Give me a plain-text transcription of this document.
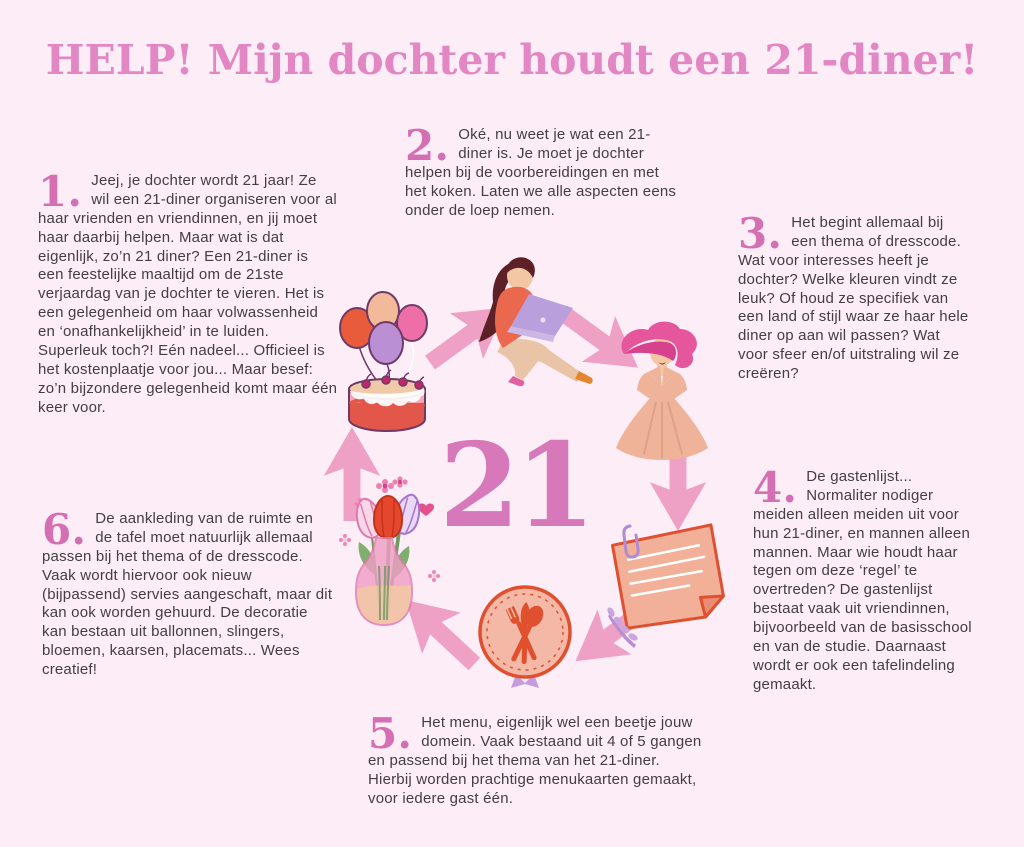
HELP! Mijn dochter houdt een 21-diner!
1. Jeej, je dochter wordt 21 jaar! Ze wil een 21-diner organiseren voor al haar vrienden en vriendinnen, en jij moet haar daarbij helpen. Maar wat is dat eigenlijk, zo’n 21 diner? Een 21-diner is een feestelijke maaltijd om de 21ste verjaardag van je dochter te vieren. Het is een gelegenheid om haar volwassenheid en ‘onafhankelijkheid’ in te luiden. Superleuk toch?! Eén nadeel... Officieel is het kostenplaatje voor jou... Maar besef: zo’n bijzondere gelegenheid komt maar één keer voor.
2. Oké, nu weet je wat een 21-diner is. Je moet je dochter helpen bij de voorbereidingen en met het koken. Laten we alle aspecten eens onder de loep nemen.	3. Het begint allemaal bij een thema of dresscode. Wat voor interesses heeft je dochter? Welke kleuren vindt ze leuk? Of houd ze specifiek van een land of stijl waar ze haar hele diner op aan wil passen? Wat voor sfeer en/of uitstraling wil ze creëren?
4. De gastenlijst... Normaliter nodiger meiden alleen meiden uit voor hun 21-diner, en mannen alleen mannen. Maar wie houdt haar tegen om deze ‘regel’ te overtreden? De gastenlijst bestaat vaak uit vriendinnen, bijvoorbeeld van de basisschool en van de studie. Daarnaast wordt er ook een tafelindeling gemaakt.
5. Het menu, eigenlijk wel een beetje jouw domein. Vaak bestaand uit 4 of 5 gangen en passend bij het thema van het 21-diner. Hierbij worden prachtige menukaarten gemaakt, voor iedere gast één.
6. De aankleding van de ruimte en de tafel moet natuurlijk allemaal passen bij het thema of de dresscode. Vaak wordt hiervoor ook nieuw (bijpassend) servies aangeschaft, maar dit kan ook worden gehuurd. De decoratie kan bestaan uit ballonnen, slingers, bloemen, kaarsen, placemats... Wees creatief!
21
